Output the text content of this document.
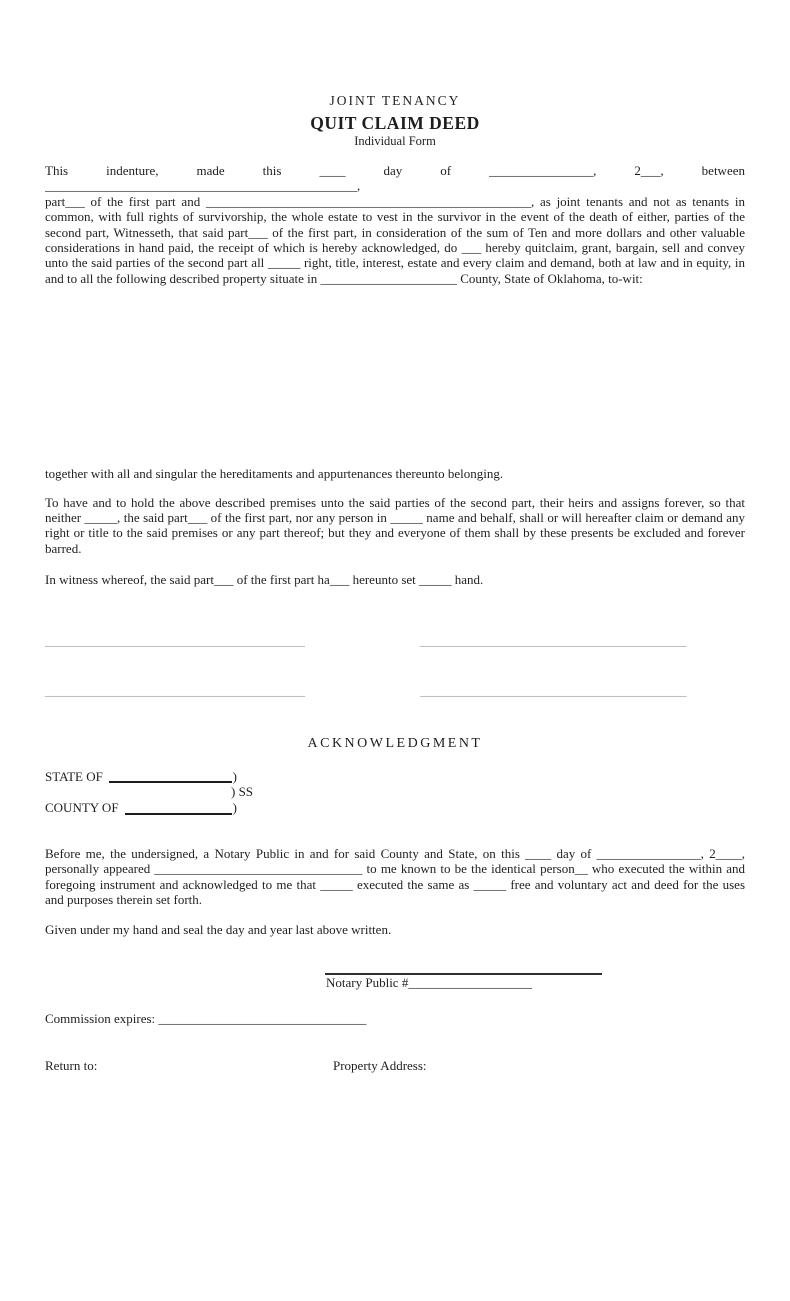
JOINT TENANCY
QUIT CLAIM DEED
Individual Form
This indenture, made this ____ day of ________________, 2___, between ________________________________________________,
part___ of the first part and __________________________________________________, as joint tenants and not as tenants in
common, with full rights of survivorship, the whole estate to vest in the survivor in the event of the death of either, parties of the
second part, Witnesseth, that said part___ of the first part, in consideration of the sum of Ten and more dollars and other valuable
considerations in hand paid, the receipt of which is hereby acknowledged, do ___ hereby quitclaim, grant, bargain, sell and convey
unto the said parties of the second part all _____ right, title, interest, estate and every claim and demand, both at law and in equity, in
and to all the following described property situate in _____________________ County, State of Oklahoma, to-wit:
together with all and singular the hereditaments and appurtenances thereunto belonging.
To have and to hold the above described premises unto the said parties of the second part, their heirs and assigns forever, so that
neither _____, the said part___ of the first part, nor any person in _____ name and behalf, shall or will hereafter claim or demand any
right or title to the said premises or any part thereof; but they and everyone of them shall by these presents be excluded and forever
barred.
In witness whereof, the said part___ of the first part ha___ hereunto set _____ hand.
________________________________________	_________________________________________
________________________________________	_________________________________________
ACKNOWLEDGMENT
STATE OF	)
) SS
COUNTY OF	)
Before me, the undersigned, a Notary Public in and for said County and State, on this ____ day of ________________, 2____,
personally appeared ________________________________ to me known to be the identical person__ who executed the within and
foregoing instrument and acknowledged to me that _____ executed the same as _____ free and voluntary act and deed for the uses
and purposes therein set forth.
Given under my hand and seal the day and year last above written.
Notary Public #___________________
Commission expires: ________________________________
Return to:	Property Address:
